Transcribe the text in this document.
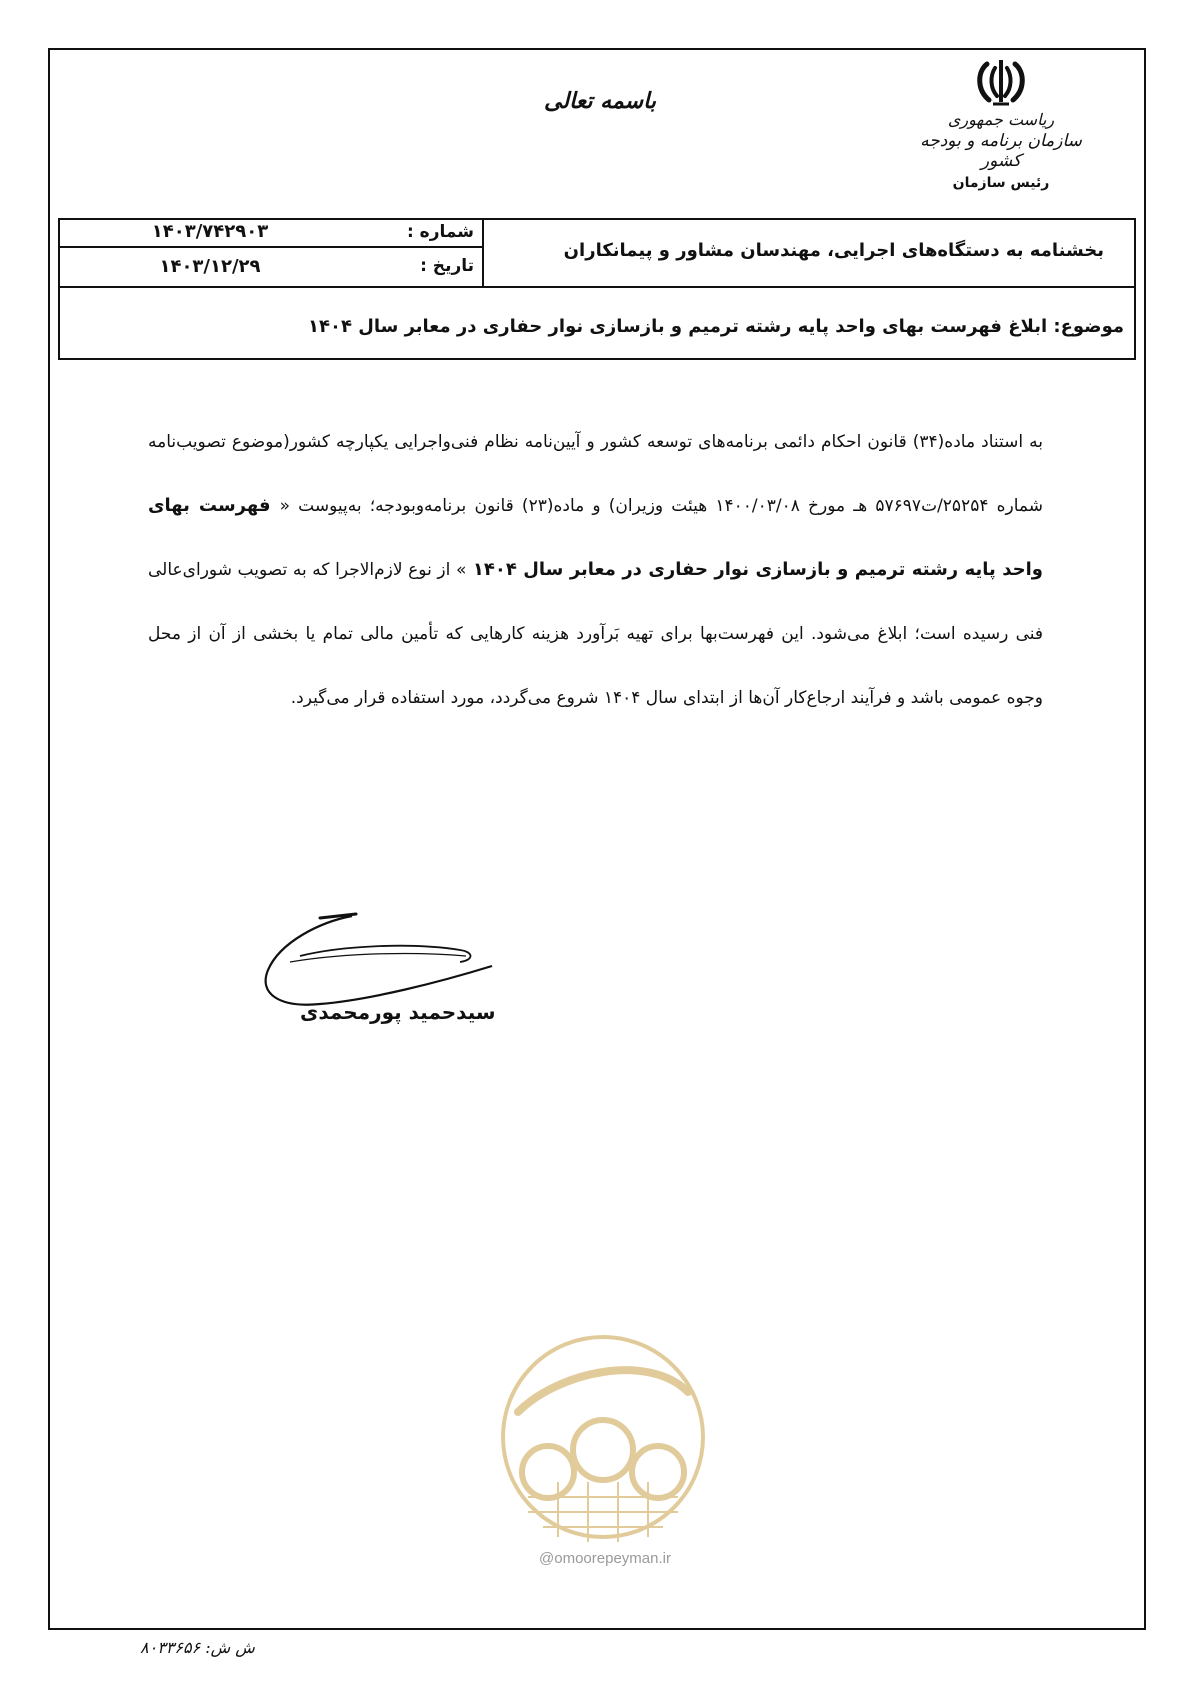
باسمه تعالی
ریاست جمهوری
سازمان برنامه و بودجه کشور
رئیس سازمان
بخشنامه به دستگاه‌های اجرایی، مهندسان مشاور و پیمانکاران
شماره :
۱۴۰۳/۷۴۲۹۰۳
تاریخ :
۱۴۰۳/۱۲/۲۹
موضوع: ابلاغ فهرست بهای واحد پایه رشته ترمیم و بازسازی نوار حفاری در معابر سال ۱۴۰۴
به استناد ماده(۳۴) قانون احکام دائمی برنامه‌های توسعه کشور و آیین‌نامه نظام فنی‌واجرایی یکپارچه کشور(موضوع تصویب‌نامه شماره ۲۵۲۵۴/ت۵۷۶۹۷ هـ مورخ ۱۴۰۰/۰۳/۰۸ هیئت وزیران) و ماده(۲۳) قانون برنامه‌وبودجه؛ به‌پیوست « فهرست بهای واحد پایه رشته ترمیم و بازسازی نوار حفاری در معابر سال ۱۴۰۴ » از نوع لازم‌الاجرا که به تصویب شورای‌عالی فنی رسیده است؛ ابلاغ می‌شود. این فهرست‌بها برای تهیه بَرآورد هزینه کارهایی که تأمین مالی تمام یا بخشی از آن از محل وجوه عمومی باشد و فرآیند ارجاع‌کار آن‌ها از ابتدای سال ۱۴۰۴ شروع می‌گردد، مورد استفاده قرار می‌گیرد.
سیدحمید پورمحمدی
@omoorepeyman.ir
ش ش: ۸۰۳۳۶۵۶
